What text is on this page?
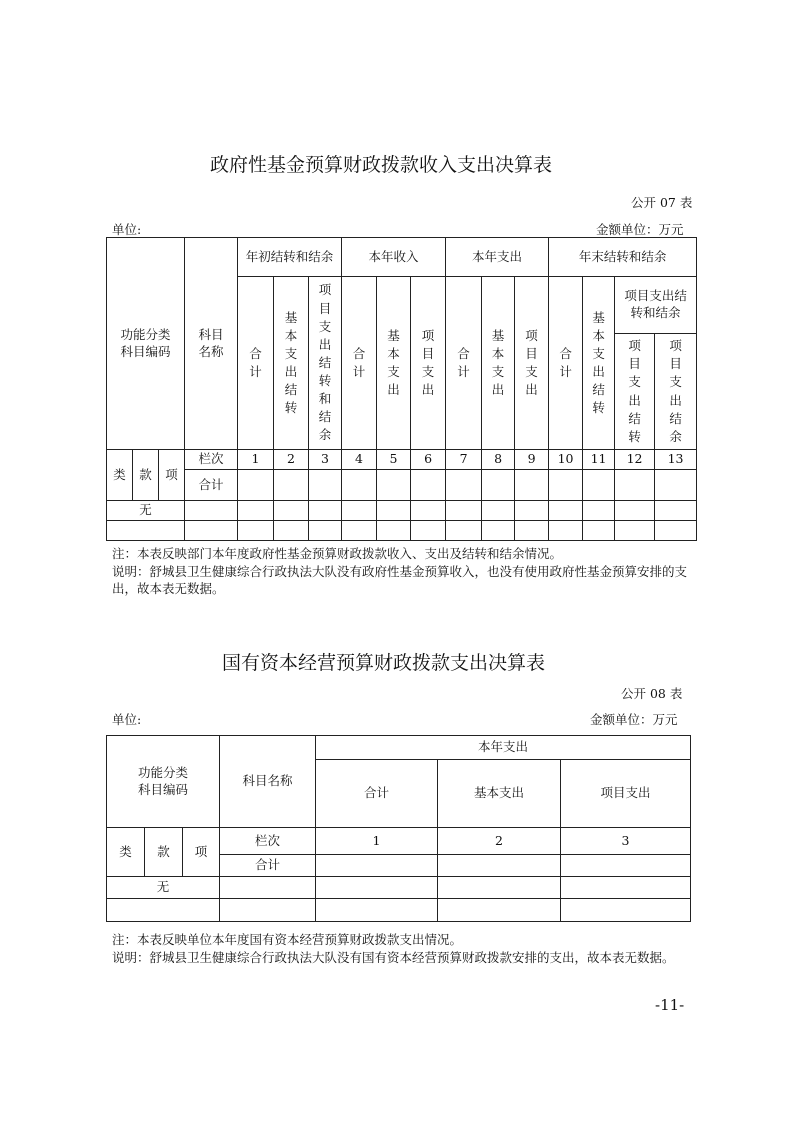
政府性基金预算财政拨款收入支出决算表
公开 07 表
单位:	金额单位：万元
功能分类科目编码			科目名称	年初结转和结余			本年收入			本年支出			年末结转和结余			
				合计	基本支出结转	项目支出结转和结余	合计	基本支出	项目支出	合计	基本支出	项目支出	合计	基本支出结转	项目支出结转和结余	
															项目支出结转	项目支出结余
类	款	项	栏次	1	2	3	4	5	6	7	8	9	10	11	12	13
			合计													
无																

注：本表反映部门本年度政府性基金预算财政拨款收入、支出及结转和结余情况。
说明：舒城县卫生健康综合行政执法大队没有政府性基金预算收入，也没有使用政府性基金预算安排的支出，故本表无数据。
国有资本经营预算财政拨款支出决算表
公开 08 表
单位:	金额单位：万元
功能分类科目编码			科目名称	本年支出		
				合计	基本支出	项目支出
类	款	项	栏次	1	2	3
			合计			
无						

注：本表反映单位本年度国有资本经营预算财政拨款支出情况。
说明：舒城县卫生健康综合行政执法大队没有国有资本经营预算财政拨款安排的支出，故本表无数据。
-11-
